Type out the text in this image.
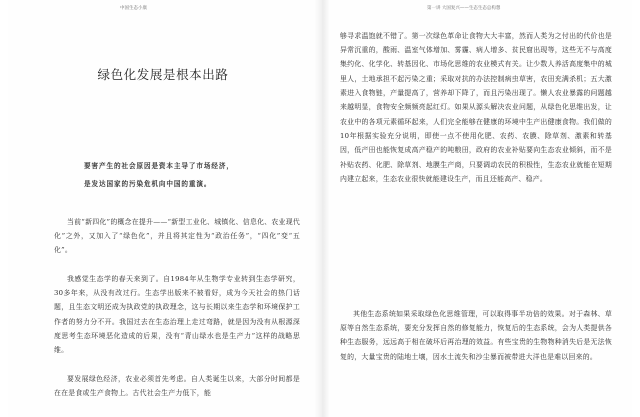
中国生态小康
绿色化发展是根本出路
要害产生的社会原因是资本主导了市场经济，
是发达国家的污染危机向中国的重演。

当前“新四化”的概念在提升——“新型工业化、城镇化、信息化、农业现代化”之外，又加入了“绿色化”，并且将其定性为“政治任务”，“四化”变“五化”。

我感觉生态学的春天来到了。自1984年从生物学专业转到生态学研究，30多年来，从没有改过行。生态学出版来不被看好，成为今天社会的热门话题，且生态文明还成为执政党的执政理念，这与长期以来生态学和环境保护工作者的努力分不开。我国过去在生态治理上走过弯路，就是因为没有从根源深度思考生态环境恶化造成的后果，没有“青山绿水也是生产力”这样的战略思维。

要发展绿色经济，农业必须首先考虑。自人类诞生以来，大部分时间都是在在是食或生产食物上。古代社会生产力低下，能

第一讲 大国复兴——生态生态总构想

够寻求温饱就不错了。第一次绿色革命让食物大大丰富，然而人类为之付出的代价也是异常沉重的，酸雨、温室气体增加、雾霾、病人增多、贫民窟出现等，这些无不与高度集约化、化学化、转基因化、市场化思维的农业模式有关。让少数人养活高度集中的城里人，土地承担不起污染之重；采取对抗的办法控制病虫草害，农田充满杀机；五大激素进入食物链，产量提高了，营养却下降了，而且污染出现了。懒人农业暴露的问题越来越明显，食物安全频频亮起红灯。如果从源头解决农业问题，从绿色化思维出发，让农业中的各项元素循环起来，人们完全能够在健康的环境中生产出健康食物。我们做的10年根据实验充分说明，即使一点不使用化肥、农药、农膜、除草剂、激素和转基因，低产田也能恢复成高产稳产的吨粮田，政府的农业补贴要向生态农业倾斜，而不是补贴农药、化肥、除草剂、地膜生产商，只要调动农民的积极性，生态农业就能在短期内建立起来，生态农业很快就能建设生产，而且还能高产、稳产。

其他生态系统如果采取绿色化思维管理，可以取得事半功倍的效果。对于森林、草原等自然生态系统，要充分发挥自然的修复能力，恢复后的生态系统，会为人类提供各种生态服务，远远高于相在破坏后再治理的效益。有些宝贵的生物物种消失后是无法恢复的，大量宝贵的陆地土壤，因水土流失和沙尘暴而被带进大洋也是难以回来的。
